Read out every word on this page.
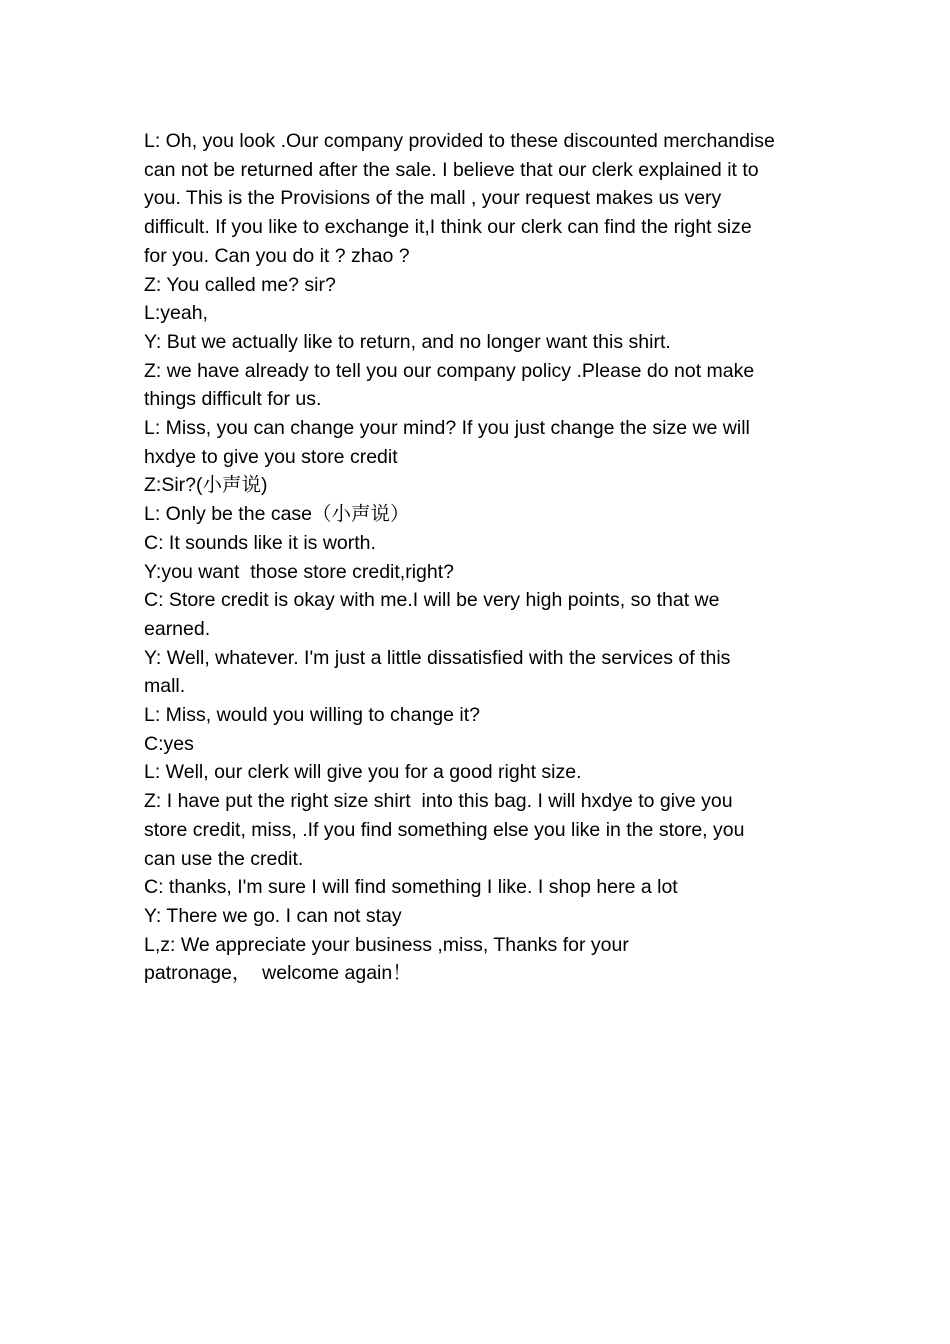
L: Oh, you look .Our company provided to these discounted merchandise
can not be returned after the sale. I believe that our clerk explained it to
you. This is the Provisions of the mall , your request makes us very
difficult. If you like to exchange it,I think our clerk can find the right size
for you. Can you do it ? zhao ?
Z: You called me? sir?
L:yeah,
Y: But we actually like to return, and no longer want this shirt.
Z: we have already to tell you our company policy .Please do not make
things difficult for us.
L: Miss, you can change your mind? If you just change the size we will
hxdye to give you store credit
Z:Sir?(小声说)
L: Only be the case（小声说）
C: It sounds like it is worth.
Y:you want  those store credit,right?
C: Store credit is okay with me.I will be very high points, so that we
earned.
Y: Well, whatever. I'm just a little dissatisfied with the services of this
mall.
L: Miss, would you willing to change it?
C:yes
L: Well, our clerk will give you for a good right size.
Z: I have put the right size shirt  into this bag. I will hxdye to give you
store credit, miss, .If you find something else you like in the store, you
can use the credit.
C: thanks, I'm sure I will find something I like. I shop here a lot
Y: There we go. I can not stay
L,z: We appreciate your business ,miss, Thanks for your
patronage，  welcome again！
